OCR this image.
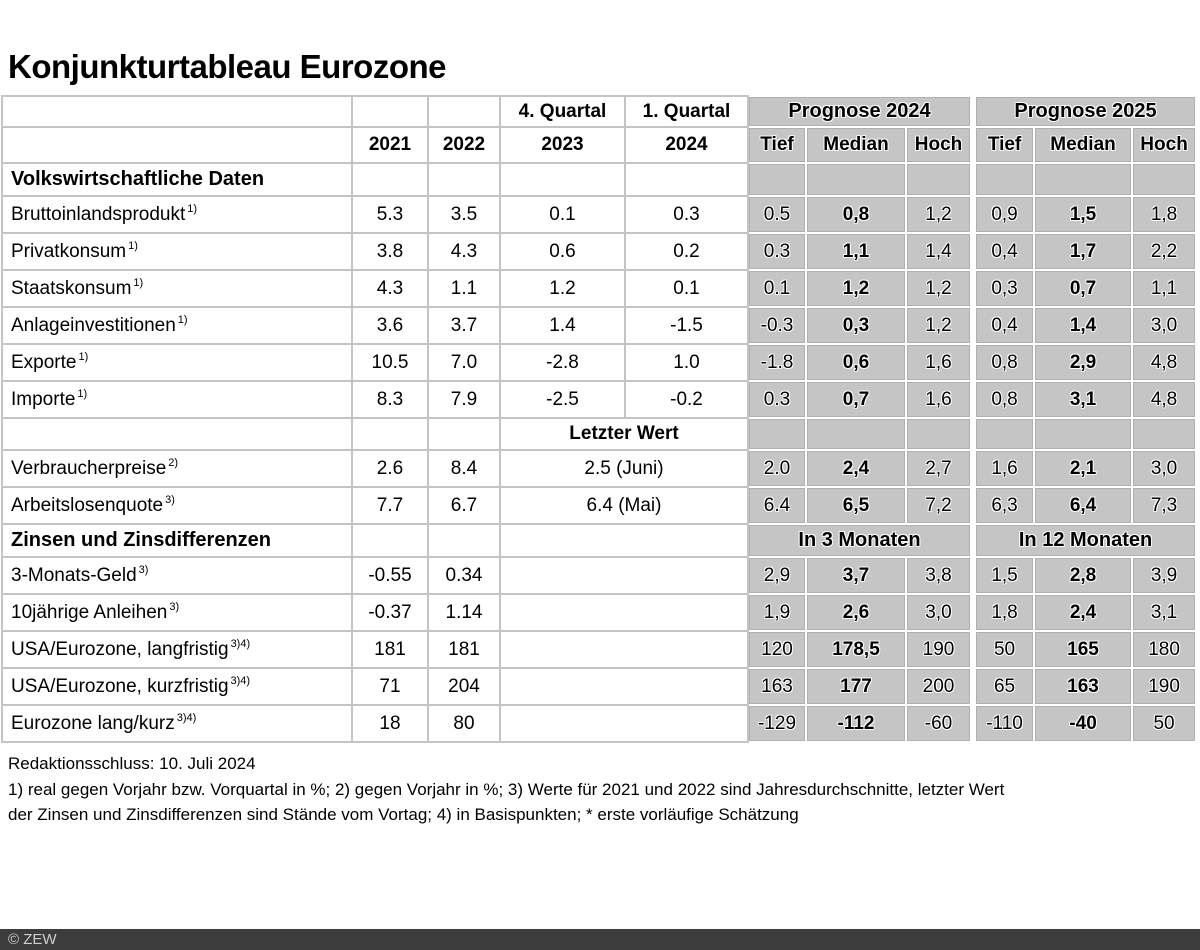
Konjunkturtableau Eurozone
			4. Quartal	1. Quartal	Prognose 2024			Prognose 2025		
	2021	2022	2023	2024	Tief	Median	Hoch	Tief	Median	Hoch
Volkswirtschaftliche Daten										
Bruttoinlandsprodukt $^{1)}$	5.3	3.5	0.1	0.3	0.5	0,8	1,2	0,9	1,5	1,8
Privatkonsum $^{1)}$	3.8	4.3	0.6	0.2	0.3	1,1	1,4	0,4	1,7	2,2
Staatskonsum $^{1)}$	4.3	1.1	1.2	0.1	0.1	1,2	1,2	0,3	0,7	1,1
Anlageinvestitionen $^{1)}$	3.6	3.7	1.4	-1.5	-0.3	0,3	1,2	0,4	1,4	3,0
Exporte $^{1)}$	10.5	7.0	-2.8	1.0	-1.8	0,6	1,6	0,8	2,9	4,8
Importe $^{1)}$	8.3	7.9	-2.5	-0.2	0.3	0,7	1,6	0,8	3,1	4,8
			Letzter Wert							
Verbraucherpreise $^{2)}$	2.6	8.4	2.5 (Juni)		2.0	2,4	2,7	1,6	2,1	3,0
Arbeitslosenquote $^{3)}$	7.7	6.7	6.4 (Mai)		6.4	6,5	7,2	6,3	6,4	7,3
Zinsen und Zinsdifferenzen					In 3 Monaten			In 12 Monaten		
3-Monats-Geld $^{3)}$	-0.55	0.34			2,9	3,7	3,8	1,5	2,8	3,9
10jährige Anleihen $^{3)}$	-0.37	1.14			1,9	2,6	3,0	1,8	2,4	3,1
USA/Eurozone, langfristig $^{3)4)}$	181	181			120	178,5	190	50	165	180
USA/Eurozone, kurzfristig $^{3)4)}$	71	204			163	177	200	65	163	190
Eurozone lang/kurz $^{3)4)}$	18	80			-129	-112	-60	-110	-40	50
Redaktionsschluss: 10. Juli 2024
1) real gegen Vorjahr bzw. Vorquartal in %; 2) gegen Vorjahr in %; 3) Werte für 2021 und 2022 sind Jahresdurchschnitte, letzter Wert
der Zinsen und Zinsdifferenzen sind Stände vom Vortag; 4) in Basispunkten; * erste vorläufige Schätzung
© ZEW
